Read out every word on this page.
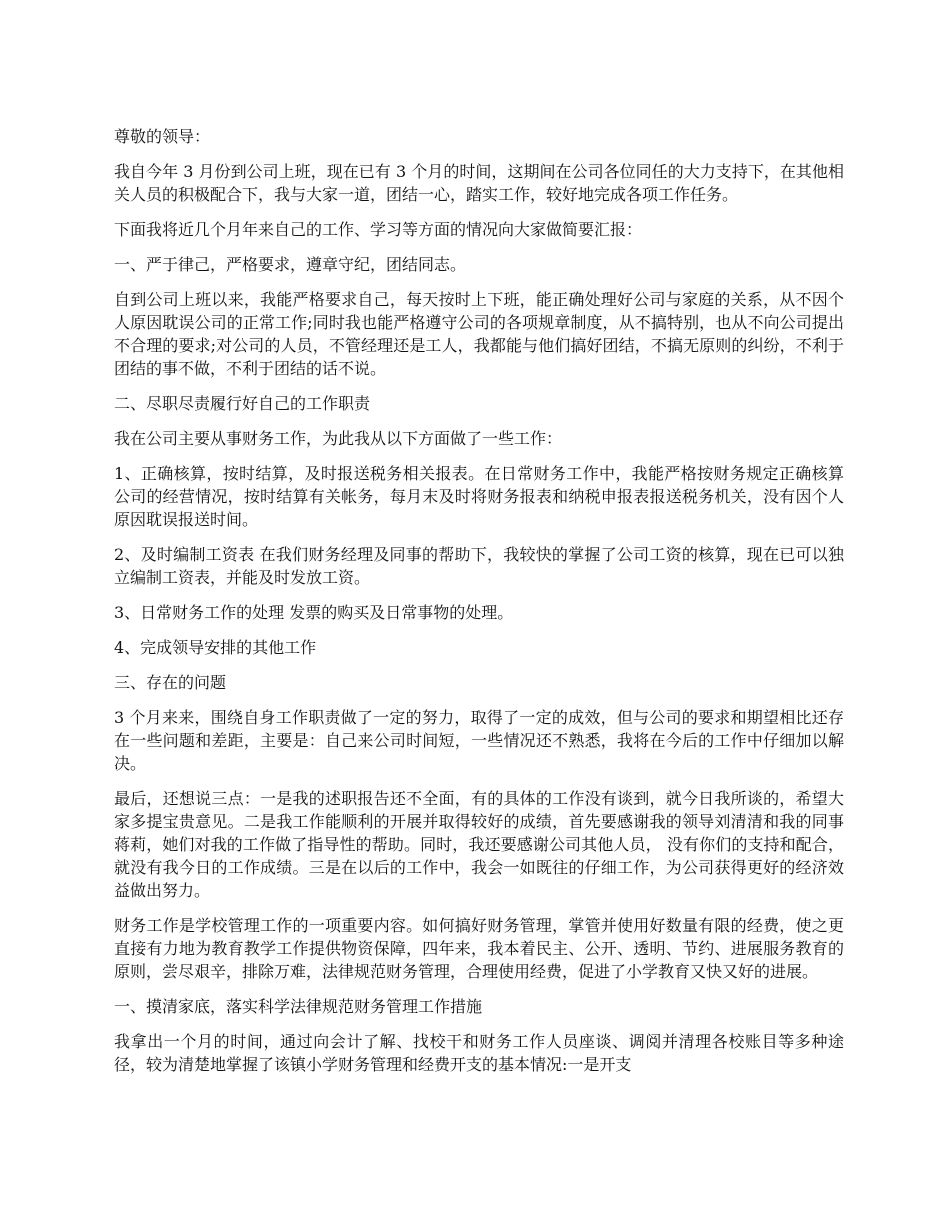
尊敬的领导：

我自今年 3 月份到公司上班，现在已有 3 个月的时间，这期间在公司各位同任的大力支持下，在其他相关人员的积极配合下，我与大家一道，团结一心，踏实工作，较好地完成各项工作任务。

下面我将近几个月年来自己的工作、学习等方面的情况向大家做简要汇报：

一、严于律己，严格要求，遵章守纪，团结同志。

自到公司上班以来，我能严格要求自己，每天按时上下班，能正确处理好公司与家庭的关系，从不因个人原因耽误公司的正常工作;同时我也能严格遵守公司的各项规章制度，从不搞特别，也从不向公司提出不合理的要求;对公司的人员，不管经理还是工人，我都能与他们搞好团结，不搞无原则的纠纷，不利于团结的事不做，不利于团结的话不说。

二、尽职尽责履行好自己的工作职责

我在公司主要从事财务工作，为此我从以下方面做了一些工作：

1、正确核算，按时结算，及时报送税务相关报表。在日常财务工作中，我能严格按财务规定正确核算公司的经营情况，按时结算有关帐务，每月末及时将财务报表和纳税申报表报送税务机关，没有因个人原因耽误报送时间。

2、及时编制工资表 在我们财务经理及同事的帮助下，我较快的掌握了公司工资的核算，现在已可以独立编制工资表，并能及时发放工资。

3、日常财务工作的处理 发票的购买及日常事物的处理。

4、完成领导安排的其他工作

三、存在的问题

3 个月来来，围绕自身工作职责做了一定的努力，取得了一定的成效，但与公司的要求和期望相比还存在一些问题和差距，主要是：自己来公司时间短，一些情况还不熟悉，我将在今后的工作中仔细加以解决。

最后，还想说三点：一是我的述职报告还不全面，有的具体的工作没有谈到，就今日我所谈的，希望大家多提宝贵意见。二是我工作能顺利的开展并取得较好的成绩，首先要感谢我的领导刘清清和我的同事蒋莉，她们对我的工作做了指导性的帮助。同时，我还要感谢公司其他人员， 没有你们的支持和配合，就没有我今日的工作成绩。三是在以后的工作中，我会一如既往的仔细工作，为公司获得更好的经济效益做出努力。

财务工作是学校管理工作的一项重要内容。如何搞好财务管理，掌管并使用好数量有限的经费，使之更直接有力地为教育教学工作提供物资保障，四年来，我本着民主、公开、透明、节约、进展服务教育的原则，尝尽艰辛，排除万难，法律规范财务管理，合理使用经费，促进了小学教育又快又好的进展。

一、摸清家底，落实科学法律规范财务管理工作措施

我拿出一个月的时间，通过向会计了解、找校干和财务工作人员座谈、调阅并清理各校账目等多种途径，较为清楚地掌握了该镇小学财务管理和经费开支的基本情况:一是开支
